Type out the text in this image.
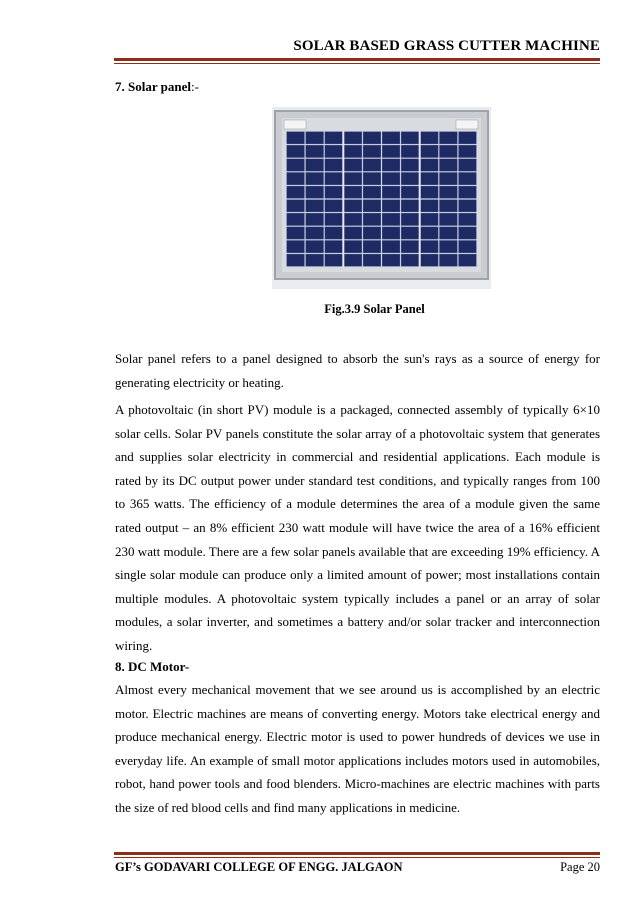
SOLAR BASED GRASS CUTTER MACHINE
7. Solar panel:-
Fig.3.9 Solar Panel

Solar panel refers to a panel designed to absorb the sun's rays as a source of energy for generating electricity or heating.

A photovoltaic (in short PV) module is a packaged, connected assembly of typically 6×10 solar cells. Solar PV panels constitute the solar array of a photovoltaic system that generates and supplies solar electricity in commercial and residential applications. Each module is rated by its DC output power under standard test conditions, and typically ranges from 100 to 365 watts. The efficiency of a module determines the area of a module given the same rated output – an 8% efficient 230 watt module will have twice the area of a 16% efficient 230 watt module. There are a few solar panels available that are exceeding 19% efficiency. A single solar module can produce only a limited amount of power; most installations contain multiple modules. A photovoltaic system typically includes a panel or an array of solar modules, a solar inverter, and sometimes a battery and/or solar tracker and interconnection wiring.

8. DC Motor-

Almost every mechanical movement that we see around us is accomplished by an electric motor. Electric machines are means of converting energy. Motors take electrical energy and produce mechanical energy. Electric motor is used to power hundreds of devices we use in everyday life. An example of small motor applications includes motors used in automobiles, robot, hand power tools and food blenders. Micro-machines are electric machines with parts the size of red blood cells and find many applications in medicine.

GF’s GODAVARI COLLEGE OF ENGG. JALGAON	Page 20
